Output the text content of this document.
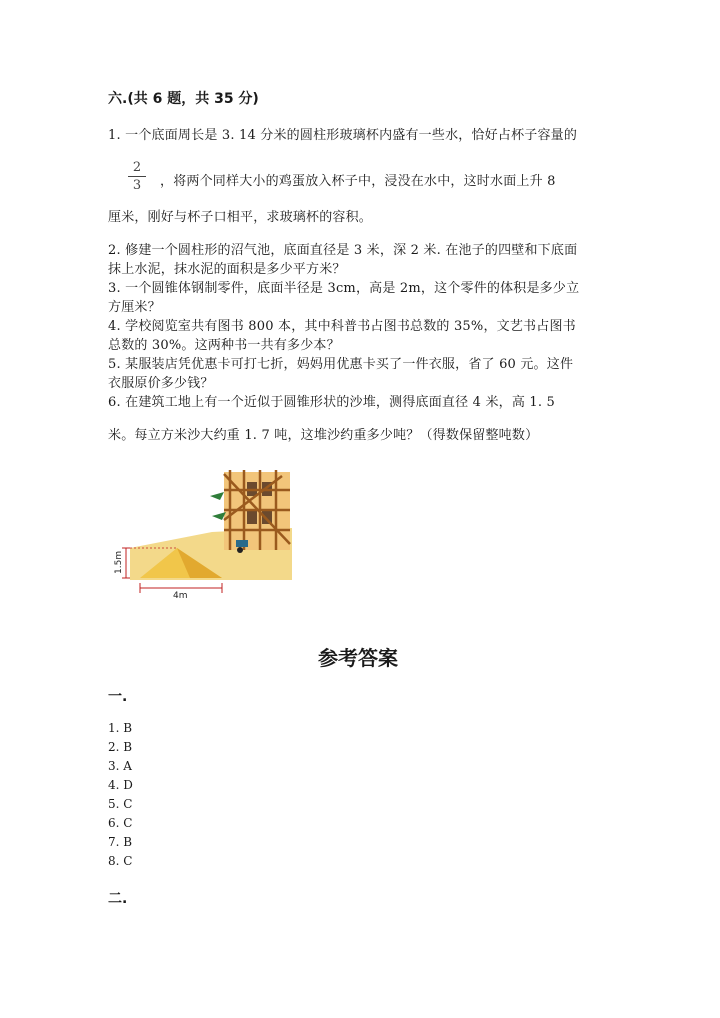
六.(共 6 题，共 35 分)
1. 一个底面周长是 3. 14 分米的圆柱形玻璃杯内盛有一些水，恰好占杯子容量的
2
3	，将两个同样大小的鸡蛋放入杯子中，浸没在水中，这时水面上升 8
厘米，刚好与杯子口相平，求玻璃杯的容积。
2. 修建一个圆柱形的沼气池，底面直径是 3 米，深 2 米. 在池子的四壁和下底面
抹上水泥，抹水泥的面积是多少平方米？
3. 一个圆锥体钢制零件，底面半径是 3cm，高是 2m，这个零件的体积是多少立
方厘米？
4. 学校阅览室共有图书 800 本，其中科普书占图书总数的 35%，文艺书占图书
总数的 30%。这两种书一共有多少本？
5. 某服装店凭优惠卡可打七折，妈妈用优惠卡买了一件衣服，省了 60 元。这件
衣服原价多少钱？
6. 在建筑工地上有一个近似于圆锥形状的沙堆，测得底面直径 4 米，高 1. 5
米。每立方米沙大约重 1. 7 吨，这堆沙约重多少吨？（得数保留整吨数）
1.5m
4m
参考答案
一.
1. B
2. B
3. A
4. D
5. C
6. C
7. B
8. C
二.
